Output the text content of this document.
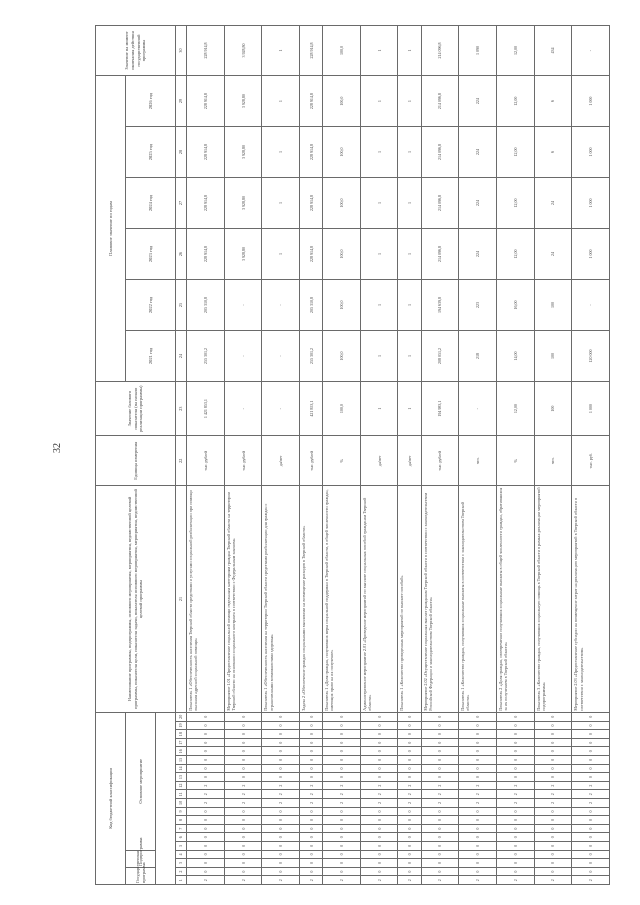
32
Код бюджетной классификации																				Наименование программы, подпрограммы, основного мероприятия, мероприятия, ведомственной целевой программы, показателя цели, показателя задачи, показателя основного мероприятия, мероприятия, ведомственной целевой программы	Единица измерения	Значение базового показателя (на начало реализации программы)	Плановое значение по годам						Значение на момент окончания действия государственной программы
Государственная программа		Подпрограмма		Основное мероприятие																			2021 год	2022 год	2023 год	2024 год	2025 год	2026 год	

1	2	3	4	5	6	7	8	9	10	11	12	13	14	15	16	17	18	19	20	21	22	23	24	25	26	27	28	29	30
2	0	0	0	0	0	0	0	0	2	2	2	0	0	0	0	0	0	0	0	Показатель 1 «Обеспеченность населения Тверской области средствами и услугами социальной реабилитации при помощи оказания адресной социальной помощи»	тыс. рублей	1 421 853,1	255 301,2	205 310,8	228 914,8	228 914,8	228 914,8	228 914,8	228 914,8
2	0	0	0	0	0	0	0	0	2	2	2	0	0	0	0	0	0	0	0	Мероприятие 1.01 «Предоставление социальной помощи отдельным категориям граждан Тверской области на территории Тверской области на основании социального контракта в соответствии с Федеральным законом»	тыс. рублей	-	-	-	3 928,80	3 928,80	3 928,80	3 928,80	3 928,80
2	0	0	0	0	0	0	0	0	2	2	2	0	0	0	0	0	0	0	0	Показатель 1 «Обеспеченность населения на территории Тверской области средствами реабилитации для граждан с ограниченными возможностями здоровья»	да/нет	-	-	-	1	1	1	1	1
2	0	0	0	0	0	0	0	0	2	2	2	0	0	0	0	0	0	0	0	Задача 2 «Обеспечение граждан социальными выплатами на возмещение расходов в Тверской области»	тыс. рублей	421 853,1	255 301,2	205 310,8	228 914,8	228 914,8	228 914,8	228 914,8	228 914,8
2	0	0	0	0	0	0	0	0	2	2	2	0	0	0	0	0	0	0	0	Показатель 1 «Доля граждан, получивших меры социальной поддержки в Тверской области, в общей численности граждан, имеющих право на их получение»	%	100,0	100,0	100,0	100,0	100,0	100,0	100,0	100,0
2	0	0	0	0	0	0	0	0	2	2	2	0	0	0	0	0	0	0	0	Административное мероприятие 2.01 «Проведение мероприятий по выплате социальных пособий гражданам Тверской области»	да/нет	1	1	1	1	1	1	1	1
2	0	0	0	0	0	0	0	0	2	2	2	0	0	0	0	0	0	0	0	Показатель 1 «Количество проведенных мероприятий по выплате пособий»	да/нет	1	1	1	1	1	1	1	1
2	0	0	0	0	0	0	0	0	2	2	2	0	0	0	0	0	0	0	0	Мероприятие 2.02 «Осуществление социальных выплат гражданам Тверской области в соответствии с законодательством Российской Федерации и законодательством Тверской области»	тыс. рублей	194 983,1	208 051,2	194 639,8	214 096,8	214 096,8	214 096,8	214 096,8	214 096,8
2	0	0	0	0	0	0	0	0	2	2	2	0	0	0	0	0	0	0	0	Показатель 1 «Количество граждан, получивших социальные выплаты в соответствии с законодательством Тверской области»	чел.	-	218	223	224	224	224	224	1 090
2	0	0	0	0	0	0	0	0	2	2	2	0	0	0	0	0	0	0	0	Показатель 2 «Доля граждан, своевременно получивших социальные выплаты в общей численности граждан, обратившихся за их получением в Тверской области»	%	12,00	14,00	16,00	12,00	12,00	12,00	12,00	12,00
2	0	0	0	0	0	0	0	0	2	2	2	0	0	0	0	0	0	0	0	Показатель 3 «Количество граждан, получивших социальную помощь в Тверской области в рамках реализации мероприятий подпрограммы»	чел.	100	100	100	24	24	6	6	434
2	0	0	0	0	0	0	0	0	2	2	2	0	0	0	0	0	0	0	0	Мероприятие 2.03 «Предоставление субсидии на возмещение затрат на реализацию мероприятий в Тверской области в соответствии с законодательством»	тыс. руб.	1 000	120 000	-	1 000	1 000	1 000	1 000	-
